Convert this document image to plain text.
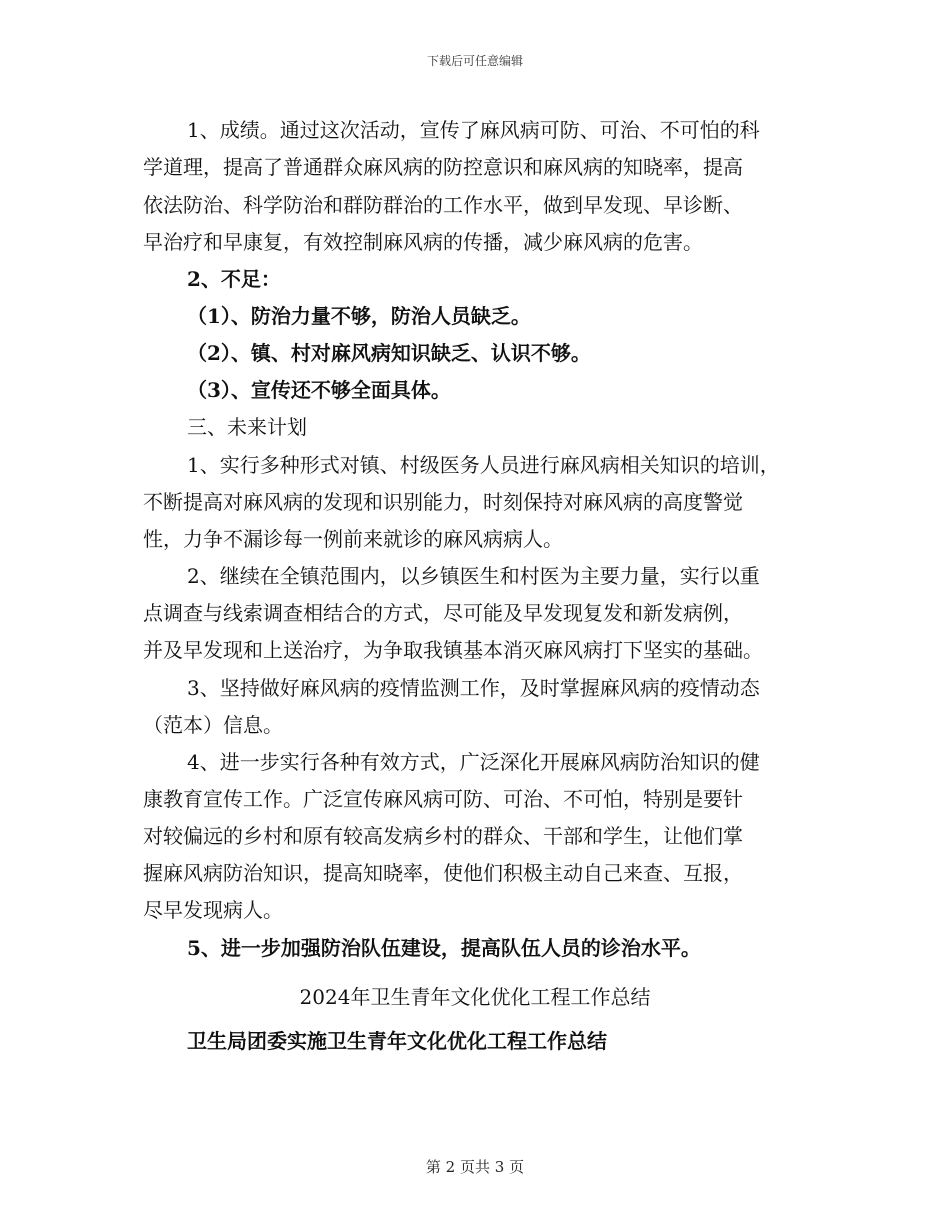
下载后可任意编辑
1、成绩。通过这次活动，宣传了麻风病可防、可治、不可怕的科
学道理，提高了普通群众麻风病的防控意识和麻风病的知晓率，提高
依法防治、科学防治和群防群治的工作水平，做到早发现、早诊断、
早治疗和早康复，有效控制麻风病的传播，减少麻风病的危害。
2、不足：
（1）、防治力量不够，防治人员缺乏。
（2）、镇、村对麻风病知识缺乏、认识不够。
（3）、宣传还不够全面具体。
三、未来计划
1、实行多种形式对镇、村级医务人员进行麻风病相关知识的培训，
不断提高对麻风病的发现和识别能力，时刻保持对麻风病的高度警觉
性，力争不漏诊每一例前来就诊的麻风病病人。
2、继续在全镇范围内，以乡镇医生和村医为主要力量，实行以重
点调查与线索调查相结合的方式，尽可能及早发现复发和新发病例，
并及早发现和上送治疗，为争取我镇基本消灭麻风病打下坚实的基础。
3、坚持做好麻风病的疫情监测工作，及时掌握麻风病的疫情动态
（范本）信息。
4、进一步实行各种有效方式，广泛深化开展麻风病防治知识的健
康教育宣传工作。广泛宣传麻风病可防、可治、不可怕，特别是要针
对较偏远的乡村和原有较高发病乡村的群众、干部和学生，让他们掌
握麻风病防治知识，提高知晓率，使他们积极主动自己来查、互报，
尽早发现病人。
5、进一步加强防治队伍建设，提高队伍人员的诊治水平。
2024年卫生青年文化优化工程工作总结
卫生局团委实施卫生青年文化优化工程工作总结
第 2 页共 3 页
